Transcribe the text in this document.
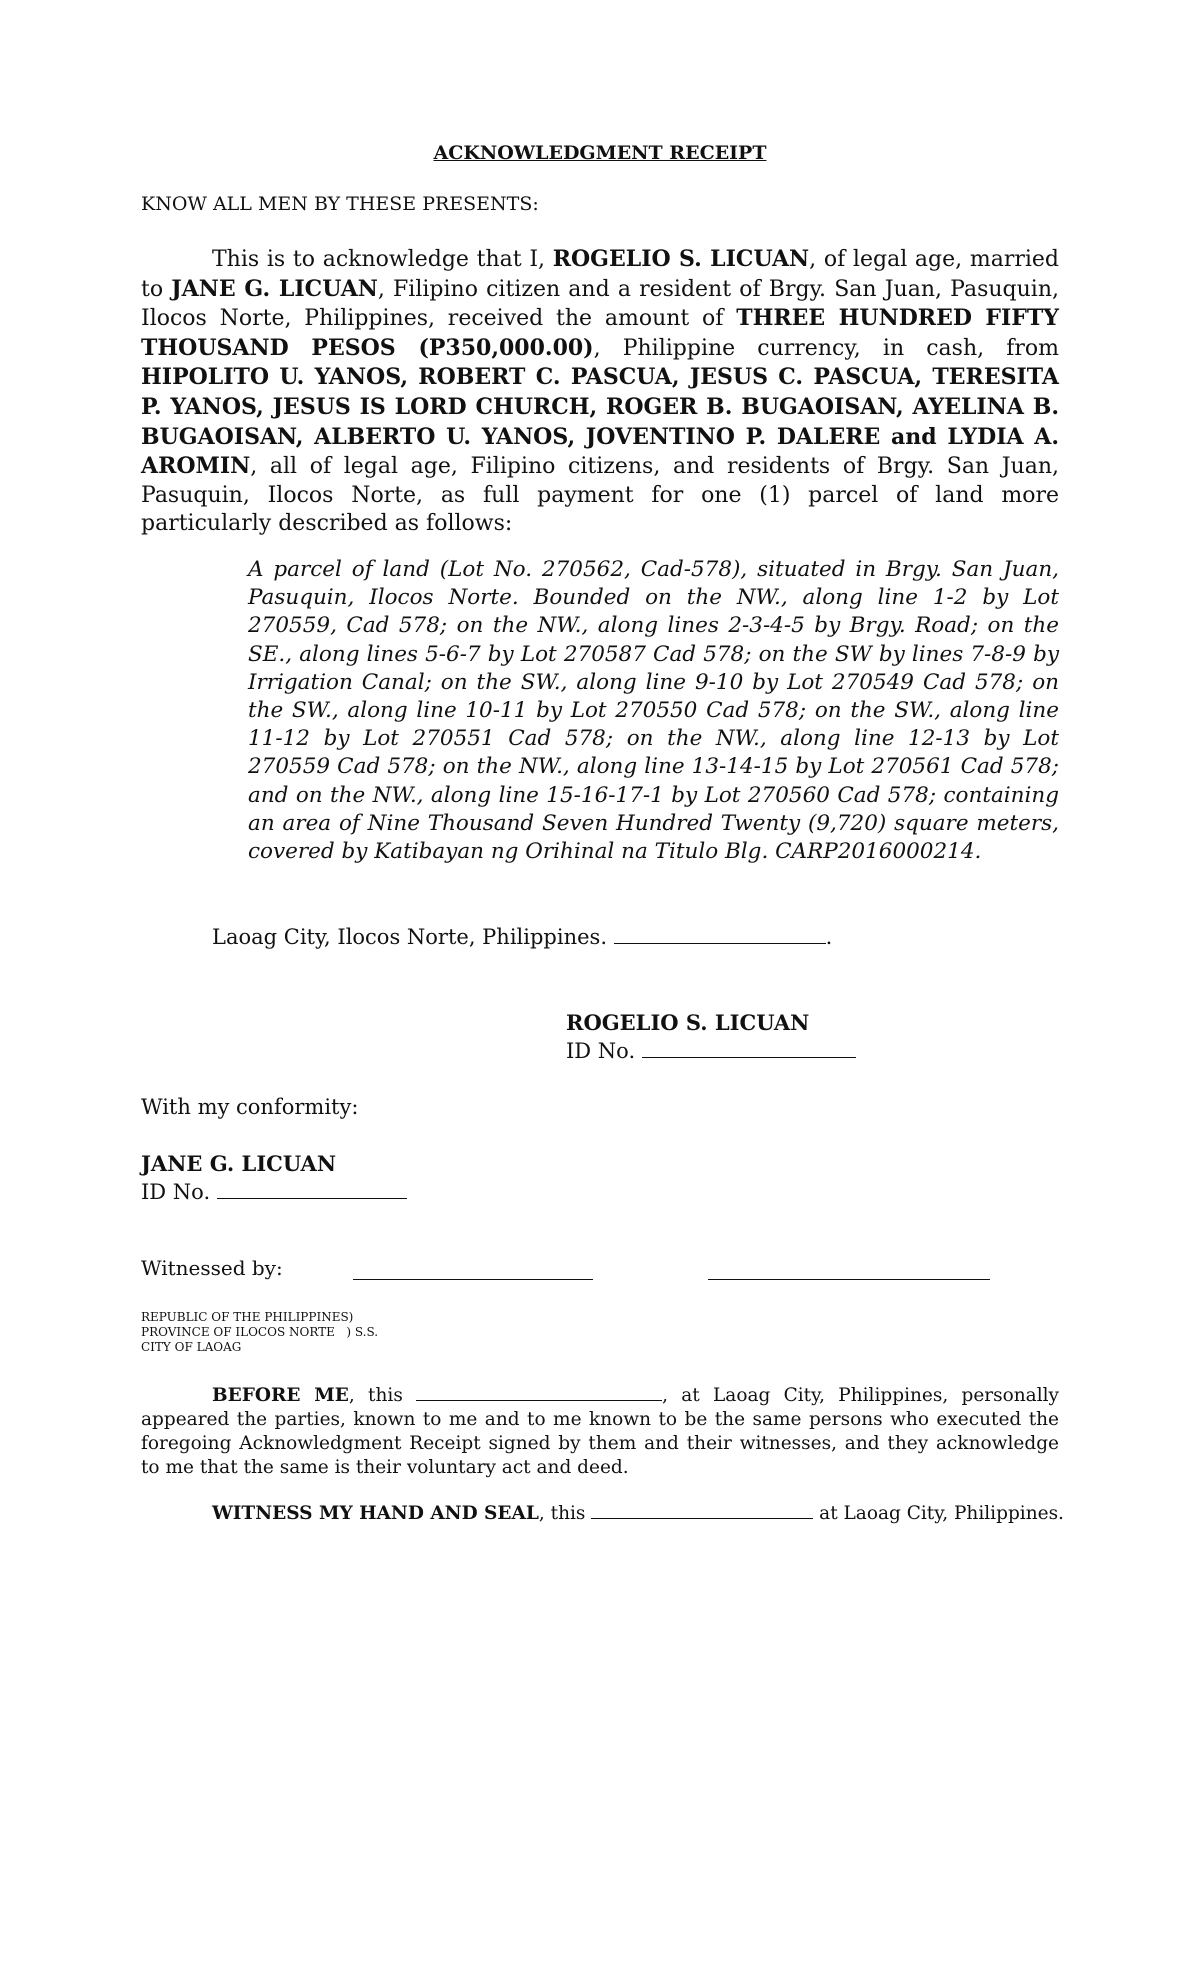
ACKNOWLEDGMENT RECEIPT
KNOW ALL MEN BY THESE PRESENTS:
This is to acknowledge that I, ROGELIO S. LICUAN, of legal age, married to JANE G. LICUAN, Filipino citizen and a resident of Brgy. San Juan, Pasuquin, Ilocos Norte, Philippines, received the amount of THREE HUNDRED FIFTY THOUSAND PESOS (P350,000.00), Philippine currency, in cash, from HIPOLITO U. YANOS, ROBERT C. PASCUA, JESUS C. PASCUA, TERESITA P. YANOS, JESUS IS LORD CHURCH, ROGER B. BUGAOISAN, AYELINA B. BUGAOISAN, ALBERTO U. YANOS, JOVENTINO P. DALERE and LYDIA A. AROMIN, all of legal age, Filipino citizens, and residents of Brgy. San Juan, Pasuquin, Ilocos Norte, as full payment for one (1) parcel of land more particularly described as follows:
A parcel of land (Lot No. 270562, Cad-578), situated in Brgy. San Juan, Pasuquin, Ilocos Norte. Bounded on the NW., along line 1-2 by Lot 270559, Cad 578; on the NW., along lines 2-3-4-5 by Brgy. Road; on the SE., along lines 5-6-7 by Lot 270587 Cad 578; on the SW by lines 7-8-9 by Irrigation Canal; on the SW., along line 9-10 by Lot 270549 Cad 578; on the SW., along line 10-11 by Lot 270550 Cad 578; on the SW., along line 11-12 by Lot 270551 Cad 578; on the NW., along line 12-13 by Lot 270559 Cad 578; on the NW., along line 13-14-15 by Lot 270561 Cad 578; and on the NW., along line 15-16-17-1 by Lot 270560 Cad 578; containing an area of Nine Thousand Seven Hundred Twenty (9,720) square meters, covered by Katibayan ng Orihinal na Titulo Blg. CARP2016000214.
Laoag City, Ilocos Norte, Philippines.	.
ROGELIO S. LICUAN
ID No.
With my conformity:
JANE G. LICUAN
ID No.
Witnessed by:
REPUBLIC OF THE PHILIPPINES)
PROVINCE OF ILOCOS NORTE   ) S.S.
CITY OF LAOAG
BEFORE ME, this	, at Laoag City, Philippines, personally appeared the parties, known to me and to me known to be the same persons who executed the foregoing Acknowledgment Receipt signed by them and their witnesses, and they acknowledge to me that the same is their voluntary act and deed.
WITNESS MY HAND AND SEAL, this	at Laoag City, Philippines.
